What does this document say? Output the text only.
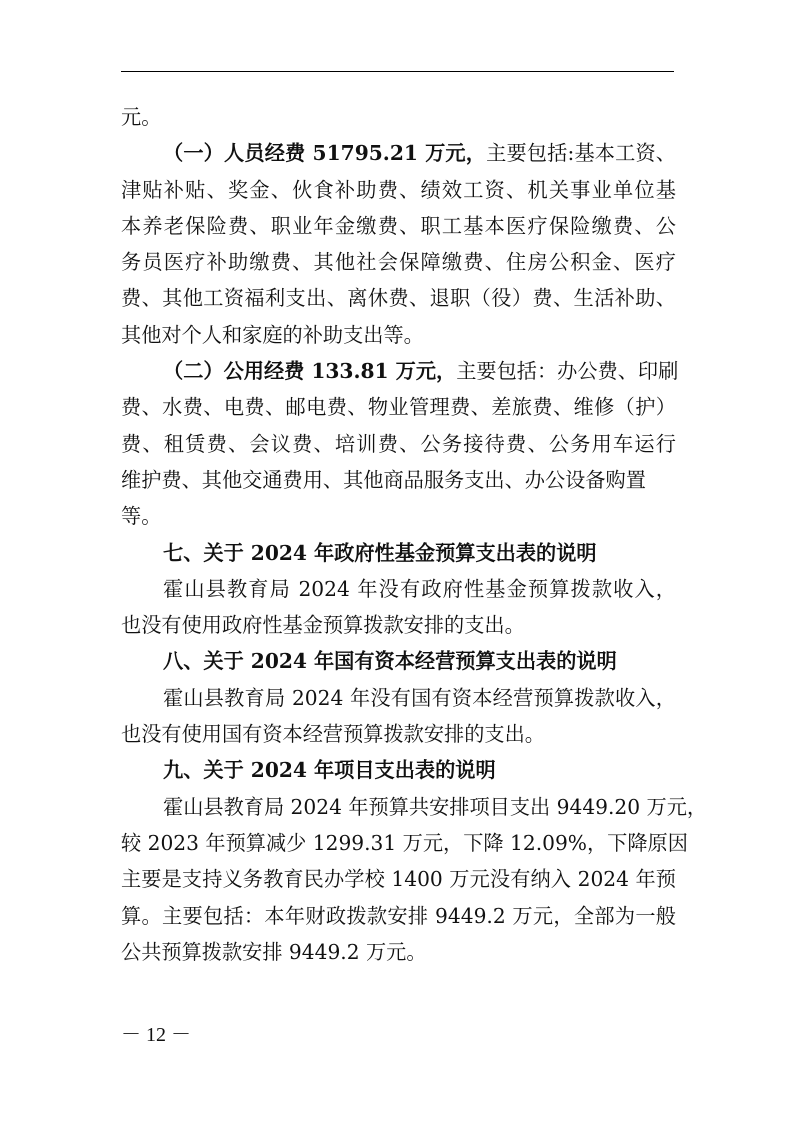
元。
（一）人员经费 51795.21 万元，主要包括:基本工资、
津贴补贴、奖金、伙食补助费、绩效工资、机关事业单位基
本养老保险费、职业年金缴费、职工基本医疗保险缴费、公
务员医疗补助缴费、其他社会保障缴费、住房公积金、医疗
费、其他工资福利支出、离休费、退职（役）费、生活补助、
其他对个人和家庭的补助支出等。
（二）公用经费 133.81 万元，主要包括：办公费、印刷
费、水费、电费、邮电费、物业管理费、差旅费、维修（护）
费、租赁费、会议费、培训费、公务接待费、公务用车运行
维护费、其他交通费用、其他商品服务支出、办公设备购置
等。
七、关于 2024 年政府性基金预算支出表的说明
霍山县教育局 2024 年没有政府性基金预算拨款收入，
也没有使用政府性基金预算拨款安排的支出。
八、关于 2024 年国有资本经营预算支出表的说明
霍山县教育局 2024 年没有国有资本经营预算拨款收入，
也没有使用国有资本经营预算拨款安排的支出。
九、关于 2024 年项目支出表的说明
霍山县教育局 2024 年预算共安排项目支出 9449.20 万元，
较 2023 年预算减少 1299.31 万元，下降 12.09%，下降原因
主要是支持义务教育民办学校 1400 万元没有纳入 2024 年预
算。主要包括：本年财政拨款安排 9449.2 万元，全部为一般
公共预算拨款安排 9449.2 万元。
－ 12 －
